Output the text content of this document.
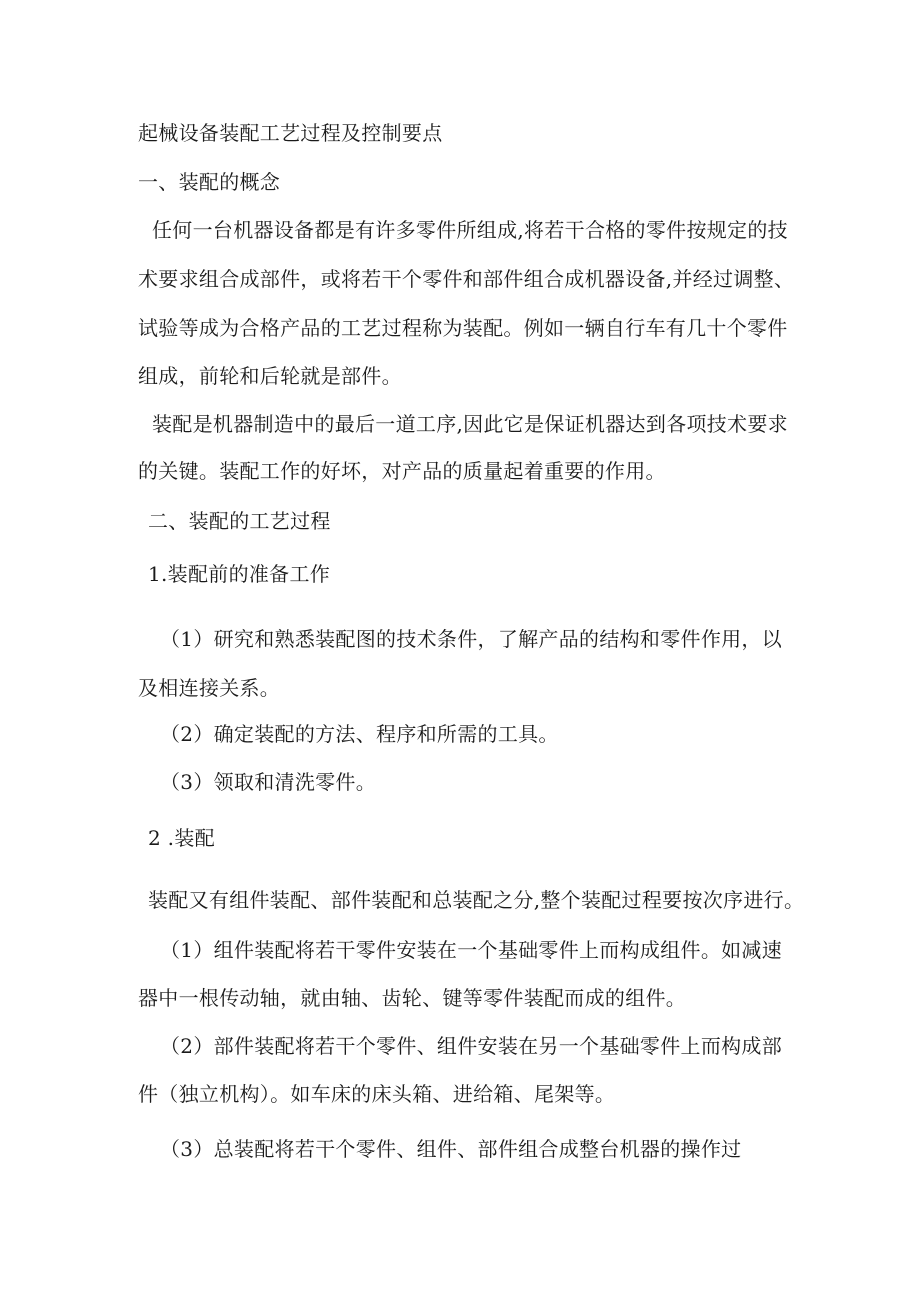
起械设备装配工艺过程及控制要点
一、装配的概念
任何一台机器设备都是有许多零件所组成,将若干合格的零件按规定的技
术要求组合成部件，或将若干个零件和部件组合成机器设备,并经过调整、
试验等成为合格产品的工艺过程称为装配。例如一辆自行车有几十个零件
组成，前轮和后轮就是部件。
装配是机器制造中的最后一道工序,因此它是保证机器达到各项技术要求
的关键。装配工作的好坏，对产品的质量起着重要的作用。
二、装配的工艺过程
1.装配前的准备工作
（1）研究和熟悉装配图的技术条件，了解产品的结构和零件作用，以
及相连接关系。
（2）确定装配的方法、程序和所需的工具。
（3）领取和清洗零件。
2 .装配
装配又有组件装配、部件装配和总装配之分,整个装配过程要按次序进行。
（1）组件装配将若干零件安装在一个基础零件上而构成组件。如减速
器中一根传动轴，就由轴、齿轮、键等零件装配而成的组件。
（2）部件装配将若干个零件、组件安装在另一个基础零件上而构成部
件（独立机构）。如车床的床头箱、进给箱、尾架等。
（3）总装配将若干个零件、组件、部件组合成整台机器的操作过
